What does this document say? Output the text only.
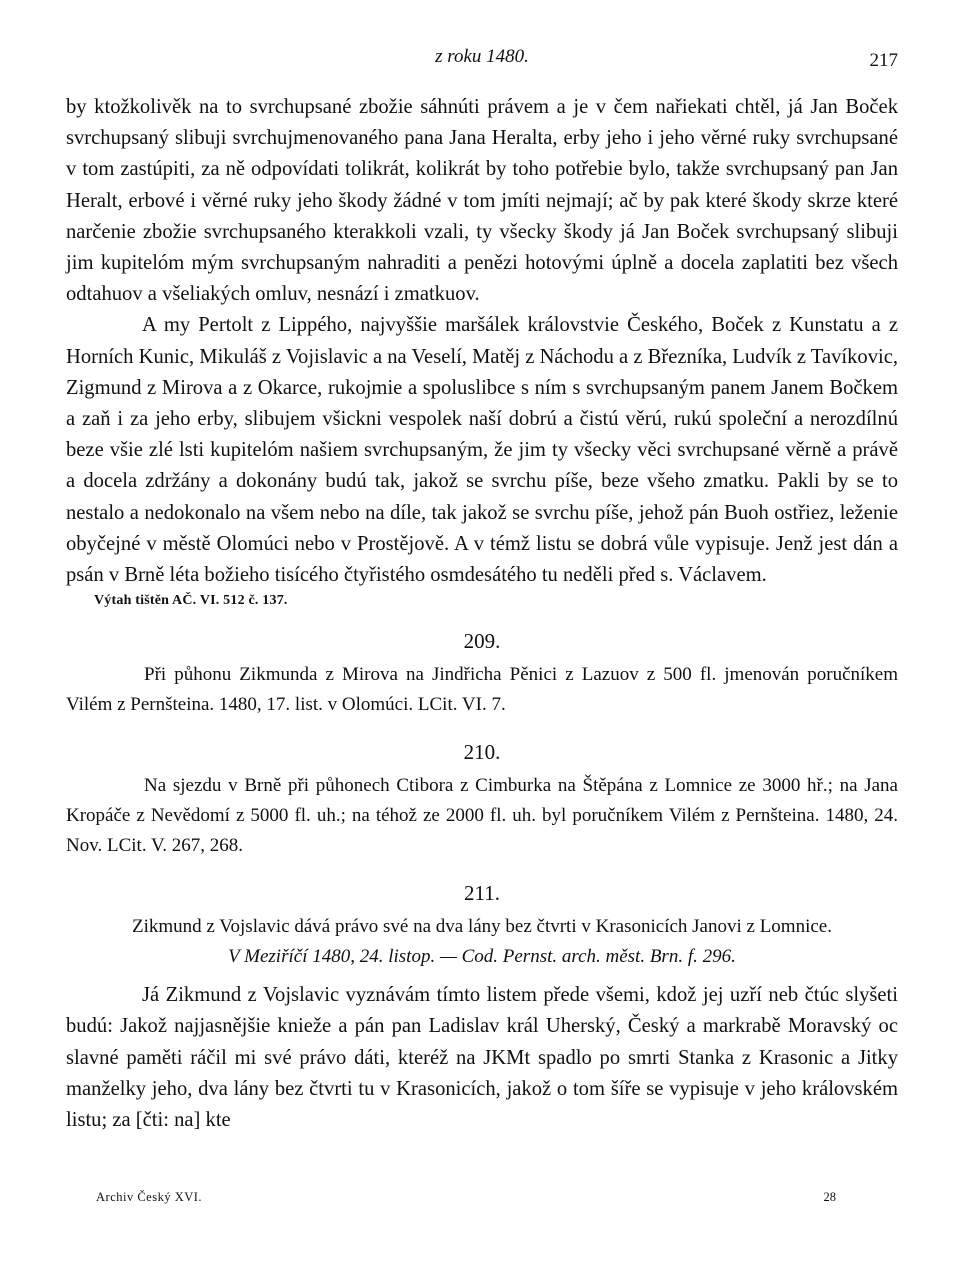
z roku 1480.	217

by ktožkolivěk na to svrchupsané zbožie sáhnúti právem a je v čem nařiekati chtěl, já Jan Boček svrchupsaný slibuji svrchujmenovaného pana Jana Heralta, erby jeho i jeho věrné ruky svrchupsané v tom zastúpiti, za ně odpovídati tolikrát, kolikrát by toho potřebie bylo, takže svrchupsaný pan Jan Heralt, erbové i věrné ruky jeho škody žádné v tom jmíti nejmají; ač by pak které škody skrze které narčenie zbožie svrchupsaného kterakkoli vzali, ty všecky škody já Jan Boček svrchupsaný slibuji jim kupitelóm mým svrchupsaným nahraditi a penězi hotovými úplně a docela zaplatiti bez všech odtahuov a všeliakých omluv, nesnází i zmatkuov.

A my Pertolt z Lippého, najvyššie maršálek královstvie Českého, Boček z Kunstatu a z Horních Kunic, Mikuláš z Vojislavic a na Veselí, Matěj z Náchodu a z Březníka, Ludvík z Tavíkovic, Zigmund z Mirova a z Okarce, rukojmie a spoluslibce s ním s svrchupsaným panem Janem Bočkem a zaň i za jeho erby, slibujem všickni vespolek naší dobrú a čistú věrú, rukú společní a nerozdílnú beze všie zlé lsti kupitelóm našiem svrchupsaným, že jim ty všecky věci svrchupsané věrně a právě a docela zdržány a dokonány budú tak, jakož se svrchu píše, beze všeho zmatku. Pakli by se to nestalo a nedokonalo na všem nebo na díle, tak jakož se svrchu píše, jehož pán Buoh ostřiez, leženie obyčejné v městě Olomúci nebo v Prostějově. A v témž listu se dobrá vůle vypisuje. Jenž jest dán a psán v Brně léta božieho tisícého čtyřistého osmdesátého tu neděli před s. Václavem.

Výtah tištěn AČ. VI. 512 č. 137.
209.

Při půhonu Zikmunda z Mirova na Jindřicha Pěnici z Lazuov z 500 fl. jmenován poručníkem Vilém z Pernšteina. 1480, 17. list. v Olomúci. LCit. VI. 7.

210.

Na sjezdu v Brně při půhonech Ctibora z Cimburka na Štěpána z Lomnice ze 3000 hř.; na Jana Kropáče z Nevědomí z 5000 fl. uh.; na téhož ze 2000 fl. uh. byl poručníkem Vilém z Pernšteina. 1480, 24. Nov. LCit. V. 267, 268.

211.

Zikmund z Vojslavic dává právo své na dva lány bez čtvrti v Krasonicích Janovi z Lomnice.

V Meziříčí 1480, 24. listop. — Cod. Pernst. arch. měst. Brn. f. 296.

Já Zikmund z Vojslavic vyznávám tímto listem přede všemi, kdož jej uzří neb čtúc slyšeti budú: Jakož najjasnějšie knieže a pán pan Ladislav král Uherský, Český a markrabě Moravský oc slavné paměti ráčil mi své právo dáti, kteréž na JKMt spadlo po smrti Stanka z Krasonic a Jitky manželky jeho, dva lány bez čtvrti tu v Krasonicích, jakož o tom šíře se vypisuje v jeho královském listu; za [čti: na] kte

Archiv Český XVI.	28
